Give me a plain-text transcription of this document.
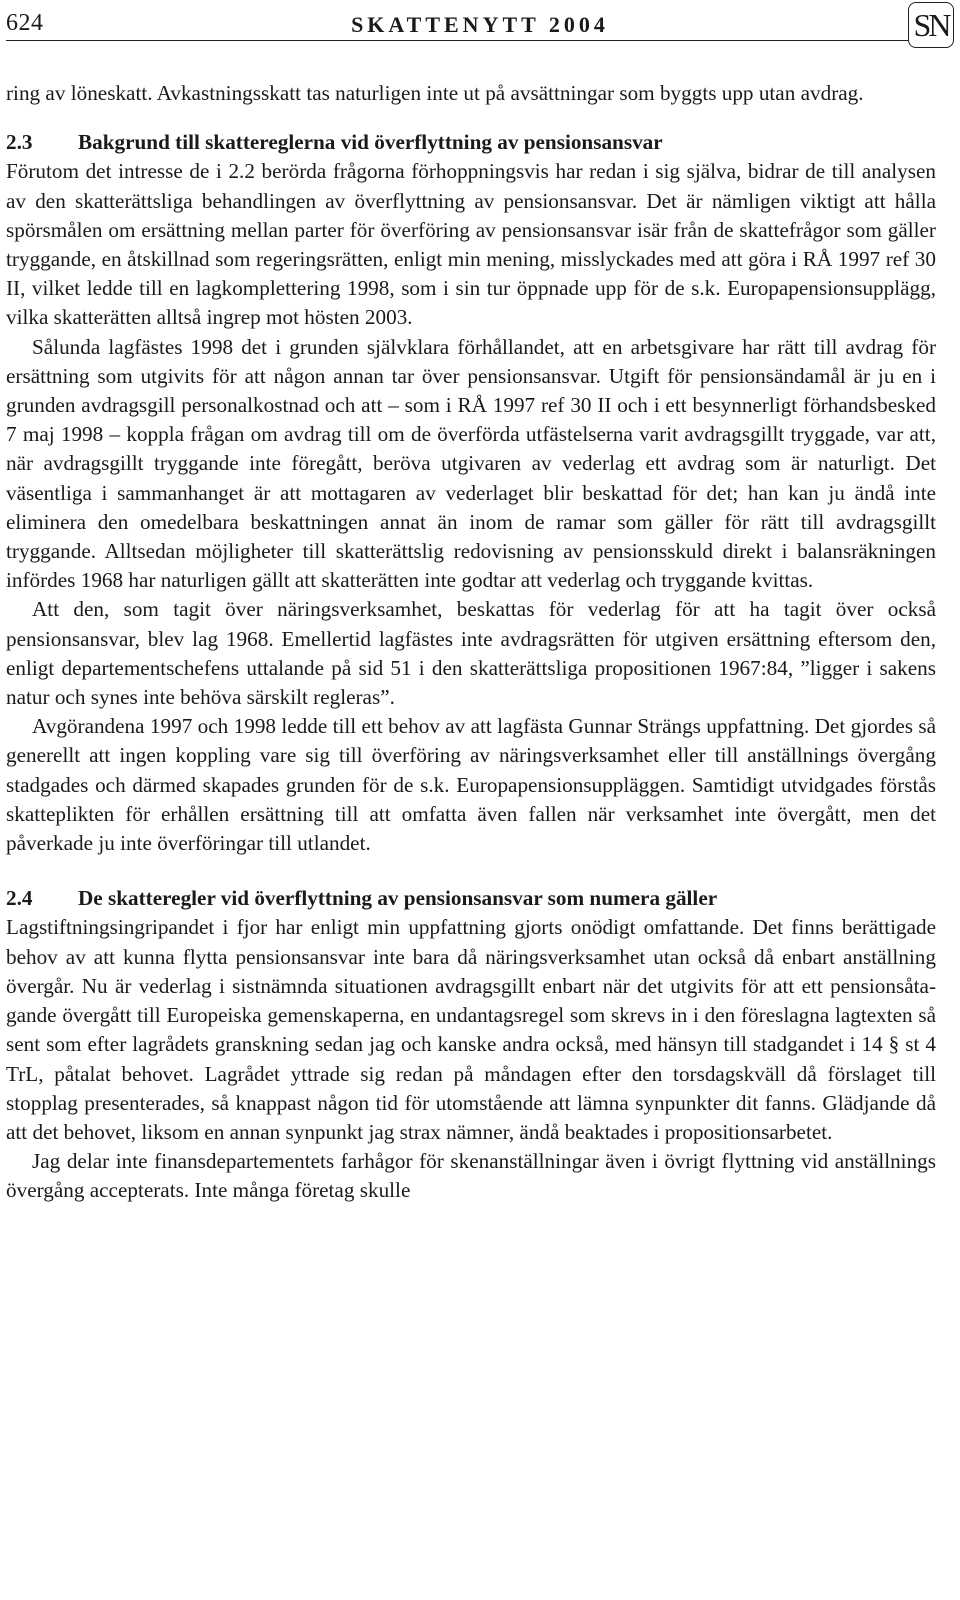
624	SKATTENYTT 2004	SN

ring av löneskatt. Avkastningsskatt tas naturligen inte ut på avsättningar som byggts upp utan avdrag.

2.3 Bakgrund till skattereglerna vid överflyttning av pensionsansvar

Förutom det intresse de i 2.2 berörda frågorna förhoppningsvis har redan i sig själva, bidrar de till analysen av den skatterättsliga behandlingen av överflyttning av pensionsansvar. Det är nämligen viktigt att hålla spörsmålen om ersättning mellan parter för överföring av pensionsansvar isär från de skattefrågor som gäller tryggande, en åtskillnad som regeringsrätten, enligt min mening, misslyckades med att göra i RÅ 1997 ref 30 II, vilket ledde till en lagkomplettering 1998, som i sin tur öppnade upp för de s.k. Europapensionsupplägg, vilka skatterätten alltså ingrep mot hösten 2003.

Sålunda lagfästes 1998 det i grunden självklara förhållandet, att en arbetsgivare har rätt till avdrag för ersättning som utgivits för att någon annan tar över pensionsansvar. Utgift för pensionsändamål är ju en i grunden avdragsgill personalkostnad och att – som i RÅ 1997 ref 30 II och i ett besynnerligt förhandsbesked 7 maj 1998 – koppla frågan om avdrag till om de överförda utfästelserna varit avdragsgillt tryggade, var att, när avdragsgillt tryggande inte föregått, beröva utgivaren av vederlag ett avdrag som är naturligt. Det väsentliga i sammanhanget är att mottagaren av vederlaget blir beskattad för det; han kan ju ändå inte eliminera den omedelbara beskattningen annat än inom de ramar som gäller för rätt till avdragsgillt tryggande. Alltsedan möjligheter till skatterättslig redovisning av pensionsskuld direkt i balansräkningen infördes 1968 har naturligen gällt att skatterätten inte godtar att vederlag och tryggande kvittas.

Att den, som tagit över näringsverksamhet, beskattas för vederlag för att ha tagit över också pensionsansvar, blev lag 1968. Emellertid lagfästes inte avdragsrätten för utgiven ersättning eftersom den, enligt departementschefens uttalande på sid 51 i den skatterättsliga propositionen 1967:84, ”ligger i sakens natur och synes inte behöva särskilt regleras”.

Avgörandena 1997 och 1998 ledde till ett behov av att lagfästa Gunnar Strängs uppfattning. Det gjordes så generellt att ingen koppling vare sig till överföring av näringsverksamhet eller till anställnings övergång stadgades och därmed skapades grunden för de s.k. Europapensionsuppläggen. Samtidigt utvidgades förstås skatteplikten för erhållen ersättning till att omfatta även fallen när verksamhet inte övergått, men det påverkade ju inte överföringar till utlandet.

2.4 De skatteregler vid överflyttning av pensionsansvar som numera gäller

Lagstiftningsingripandet i fjor har enligt min uppfattning gjorts onödigt omfattande. Det finns berättigade behov av att kunna flytta pensionsansvar inte bara då näringsverksamhet utan också då enbart anställning övergår. Nu är vederlag i sistnämnda situationen avdragsgillt enbart när det utgivits för att ett pensionsåtagande övergått till Europeiska gemenskaperna, en undantagsregel som skrevs in i den föreslagna lagtexten så sent som efter lagrådets granskning sedan jag och kanske andra också, med hänsyn till stadgandet i 14 § st 4 TrL, påtalat behovet. Lagrådet yttrade sig redan på måndagen efter den torsdagskväll då förslaget till stopplag presenterades, så knappast någon tid för utomstående att lämna synpunkter dit fanns. Glädjande då att det behovet, liksom en annan synpunkt jag strax nämner, ändå beaktades i propositionsarbetet.

Jag delar inte finansdepartementets farhågor för skenanställningar även i övrigt flyttning vid anställnings övergång accepterats. Inte många företag skulle
